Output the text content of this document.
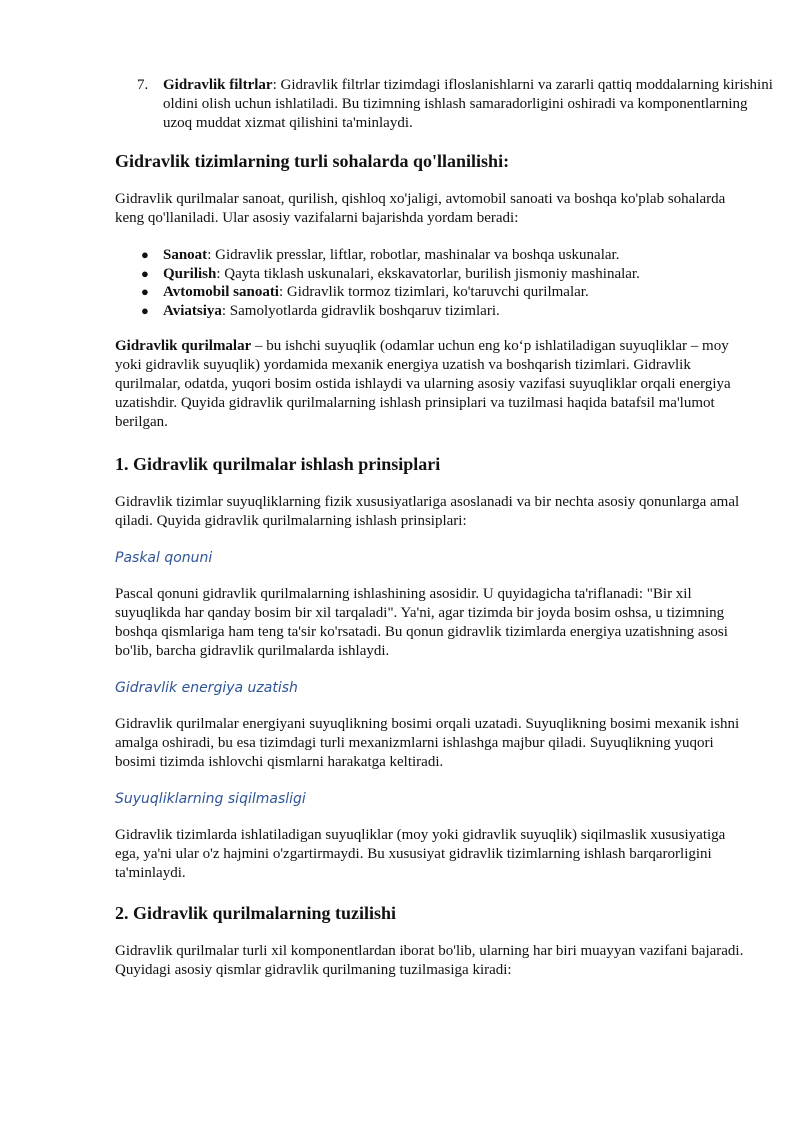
7. Gidravlik filtrlar: Gidravlik filtrlar tizimdagi ifloslanishlarni va zararli qattiq moddalarning kirishini oldini olish uchun ishlatiladi. Bu tizimning ishlash samaradorligini oshiradi va komponentlarning uzoq muddat xizmat qilishini ta'minlaydi.

Gidravlik tizimlarning turli sohalarda qo'llanilishi:

Gidravlik qurilmalar sanoat, qurilish, qishloq xo'jaligi, avtomobil sanoati va boshqa ko'plab sohalarda keng qo'llaniladi. Ular asosiy vazifalarni bajarishda yordam beradi:

● Sanoat: Gidravlik presslar, liftlar, robotlar, mashinalar va boshqa uskunalar.
● Qurilish: Qayta tiklash uskunalari, ekskavatorlar, burilish jismoniy mashinalar.
● Avtomobil sanoati: Gidravlik tormoz tizimlari, ko'taruvchi qurilmalar.
● Aviatsiya: Samolyotlarda gidravlik boshqaruv tizimlari.

Gidravlik qurilmalar – bu ishchi suyuqlik (odamlar uchun eng koʻp ishlatiladigan suyuqliklar – moy yoki gidravlik suyuqlik) yordamida mexanik energiya uzatish va boshqarish tizimlari. Gidravlik qurilmalar, odatda, yuqori bosim ostida ishlaydi va ularning asosiy vazifasi suyuqliklar orqali energiya uzatishdir. Quyida gidravlik qurilmalarning ishlash prinsiplari va tuzilmasi haqida batafsil ma'lumot berilgan.

1. Gidravlik qurilmalar ishlash prinsiplari

Gidravlik tizimlar suyuqliklarning fizik xususiyatlariga asoslanadi va bir nechta asosiy qonunlarga amal qiladi. Quyida gidravlik qurilmalarning ishlash prinsiplari:

Paskal qonuni

Pascal qonuni gidravlik qurilmalarning ishlashining asosidir. U quyidagicha ta'riflanadi: "Bir xil suyuqlikda har qanday bosim bir xil tarqaladi". Ya'ni, agar tizimda bir joyda bosim oshsa, u tizimning boshqa qismlariga ham teng ta'sir ko'rsatadi. Bu qonun gidravlik tizimlarda energiya uzatishning asosi bo'lib, barcha gidravlik qurilmalarda ishlaydi.

Gidravlik energiya uzatish

Gidravlik qurilmalar energiyani suyuqlikning bosimi orqali uzatadi. Suyuqlikning bosimi mexanik ishni amalga oshiradi, bu esa tizimdagi turli mexanizmlarni ishlashga majbur qiladi. Suyuqlikning yuqori bosimi tizimda ishlovchi qismlarni harakatga keltiradi.

Suyuqliklarning siqilmasligi

Gidravlik tizimlarda ishlatiladigan suyuqliklar (moy yoki gidravlik suyuqlik) siqilmaslik xususiyatiga ega, ya'ni ular o'z hajmini o'zgartirmaydi. Bu xususiyat gidravlik tizimlarning ishlash barqarorligini ta'minlaydi.

2. Gidravlik qurilmalarning tuzilishi

Gidravlik qurilmalar turli xil komponentlardan iborat bo'lib, ularning har biri muayyan vazifani bajaradi. Quyidagi asosiy qismlar gidravlik qurilmaning tuzilmasiga kiradi:
